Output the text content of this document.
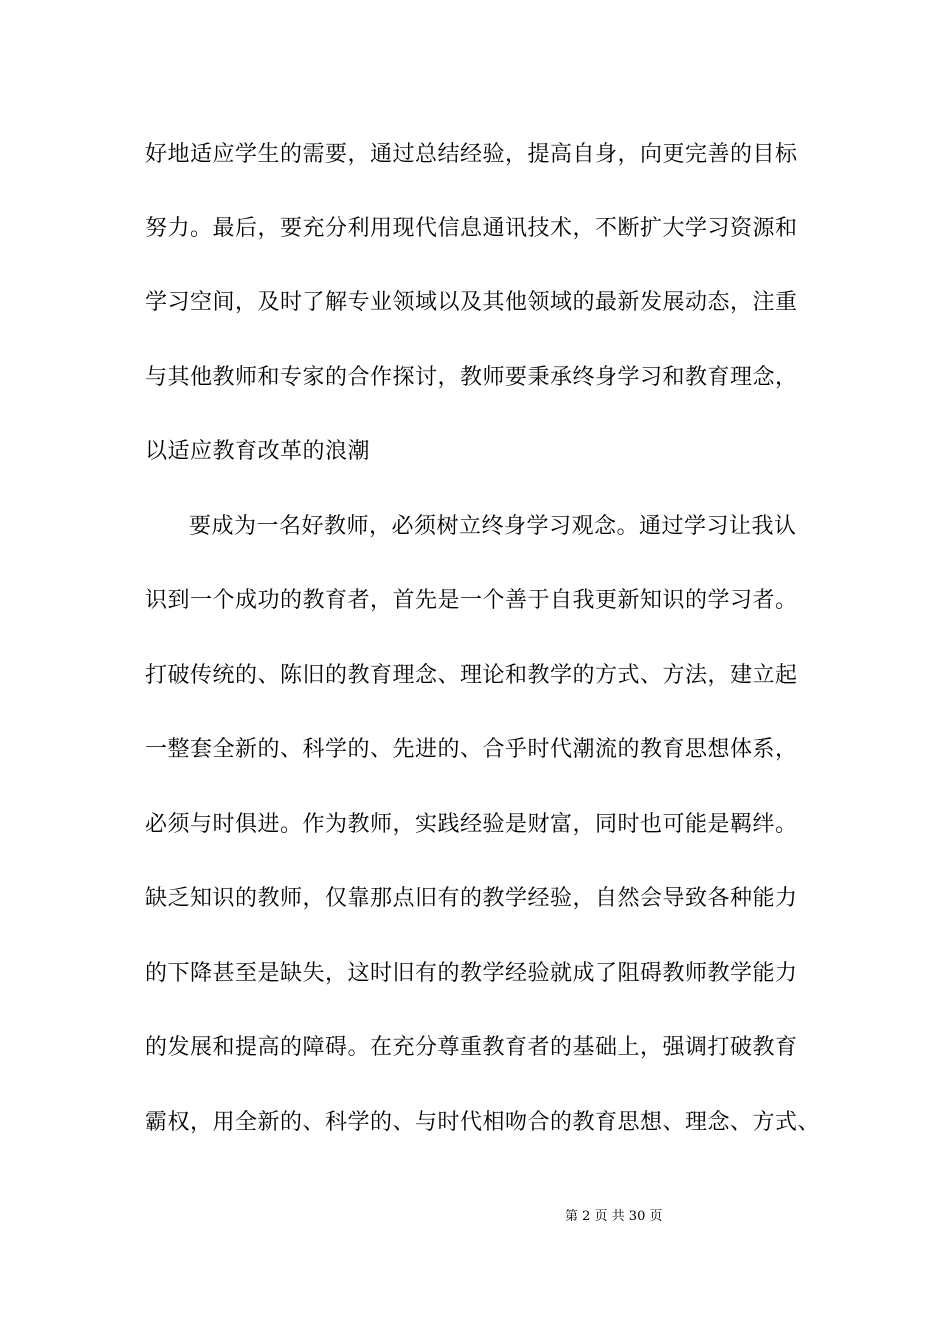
好地适应学生的需要，通过总结经验，提高自身，向更完善的目标
努力。最后，要充分利用现代信息通讯技术，不断扩大学习资源和
学习空间，及时了解专业领域以及其他领域的最新发展动态，注重
与其他教师和专家的合作探讨，教师要秉承终身学习和教育理念，
以适应教育改革的浪潮
要成为一名好教师，必须树立终身学习观念。通过学习让我认
识到一个成功的教育者，首先是一个善于自我更新知识的学习者。
打破传统的、陈旧的教育理念、理论和教学的方式、方法，建立起
一整套全新的、科学的、先进的、合乎时代潮流的教育思想体系，
必须与时俱进。作为教师，实践经验是财富，同时也可能是羁绊。
缺乏知识的教师，仅靠那点旧有的教学经验，自然会导致各种能力
的下降甚至是缺失，这时旧有的教学经验就成了阻碍教师教学能力
的发展和提高的障碍。在充分尊重教育者的基础上，强调打破教育
霸权，用全新的、科学的、与时代相吻合的教育思想、理念、方式、
第 2 页 共 30 页
